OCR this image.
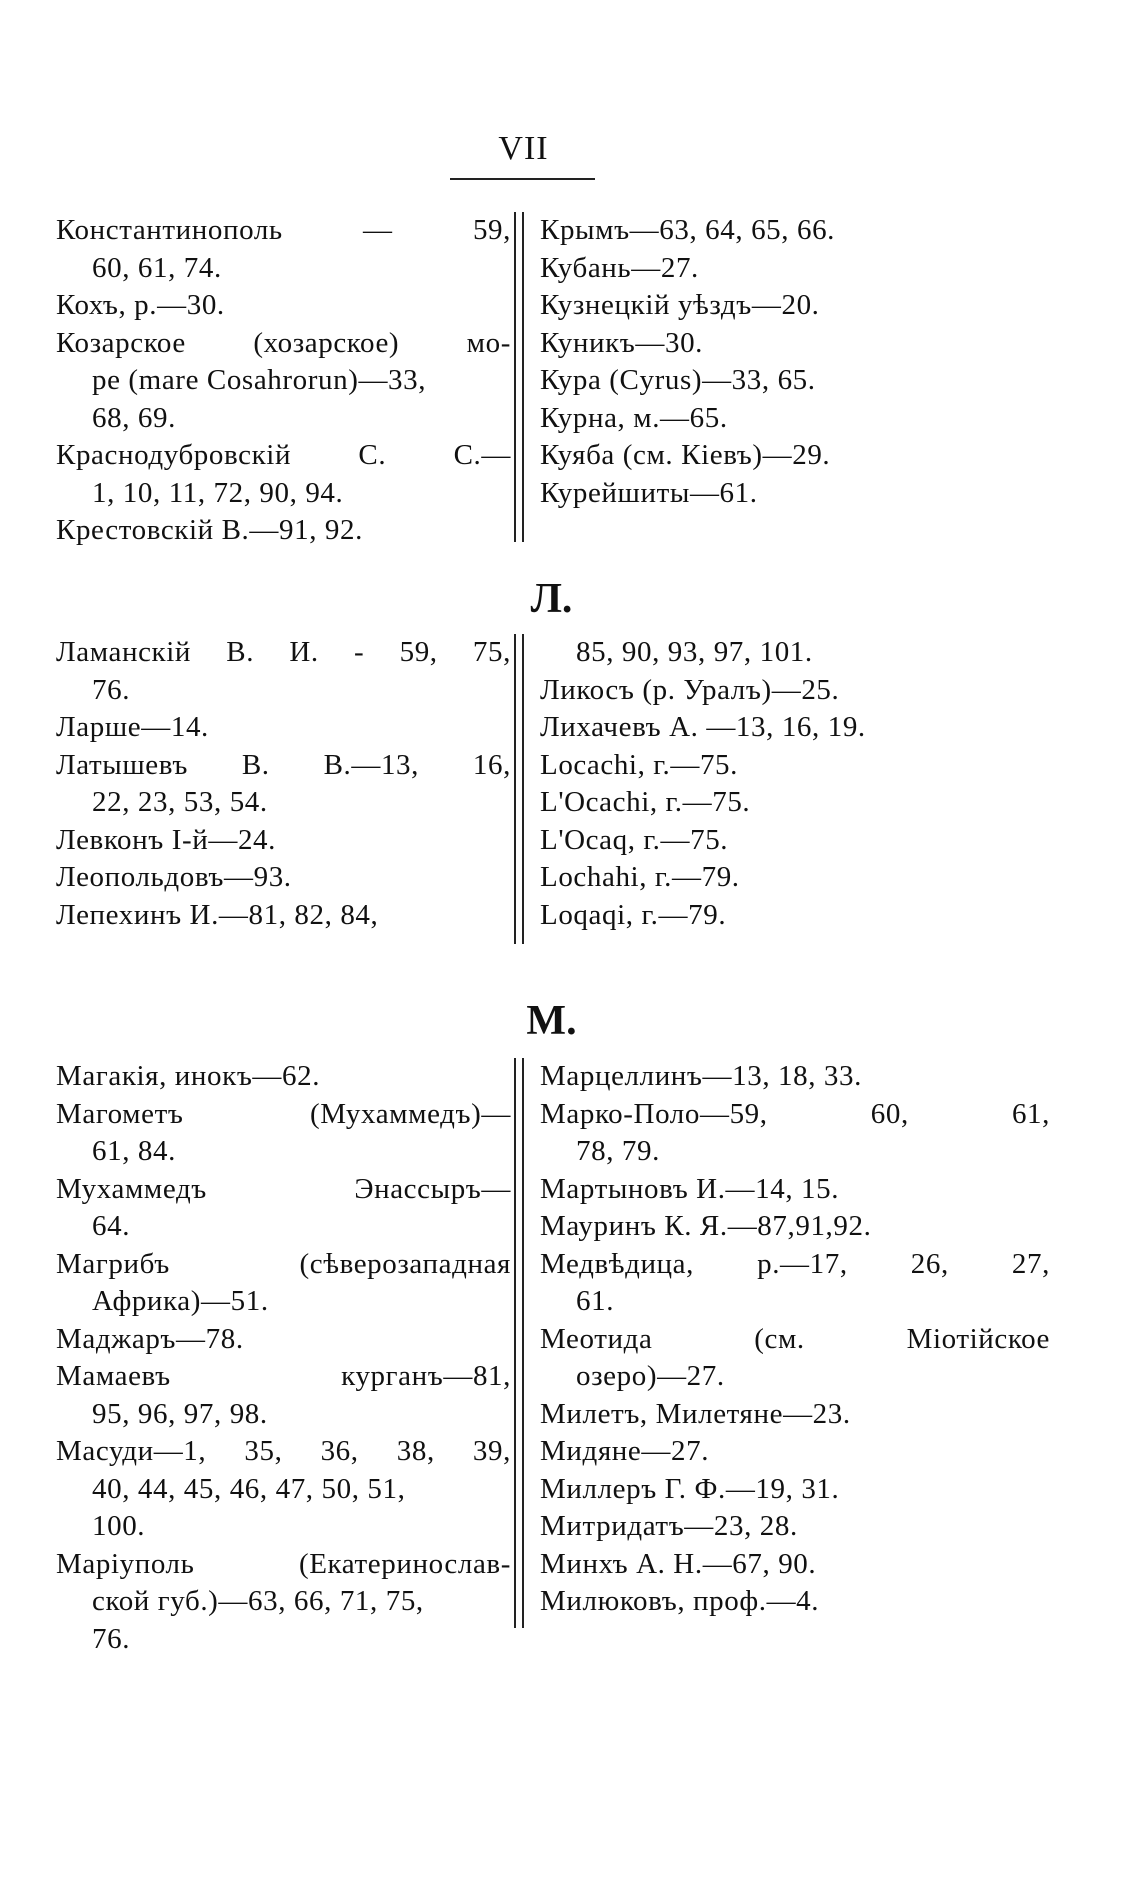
VII
Константинополь — 59,
60, 61, 74.
Кохъ, р.—30.
Козарское (хозарское) мо-
ре (mare Cosahrorun)—33,
68, 69.
Краснодубровскій С. С.—
1, 10, 11, 72, 90, 94.
Крестовскій В.—91, 92.
Крымъ—63, 64, 65, 66.
Кубань—27.
Кузнецкій уѣздъ—20.
Куникъ—30.
Кура (Cyrus)—33, 65.
Курна, м.—65.
Куяба (см. Кіевъ)—29.
Курейшиты—61.
Л.
Ламанскій В. И. - 59, 75,
76.
Ларше—14.
Латышевъ В. В.—13, 16,
22, 23, 53, 54.
Левконъ I-й—24.
Леопольдовъ—93.
Лепехинъ И.—81, 82, 84,
85, 90, 93, 97, 101.
Ликосъ (р. Уралъ)—25.
Лихачевъ А. —13, 16, 19.
Locachi, г.—75.
L'Ocachi, г.—75.
L'Ocaq, г.—75.
Lochahi, г.—79.
Loqaqi, г.—79.
М.
Магакія, инокъ—62.
Магометъ (Мухаммедъ)—
61, 84.
Мухаммедъ Энассыръ—
64.
Магрибъ (сѣверозападная
Африка)—51.
Маджаръ—78.
Мамаевъ курганъ—81,
95, 96, 97, 98.
Масуди—1, 35, 36, 38, 39,
40, 44, 45, 46, 47, 50, 51,
100.
Маріуполь (Екатеринослав-
ской губ.)—63, 66, 71, 75,
76.
Марцеллинъ—13, 18, 33.
Марко-Поло—59, 60, 61,
78, 79.
Мартыновъ И.—14, 15.
Мауринъ К. Я.—87,91,92.
Медвѣдица, р.—17, 26, 27,
61.
Меотида (см. Міотійское
озеро)—27.
Милетъ, Милетяне—23.
Мидяне—27.
Миллеръ Г. Ф.—19, 31.
Митридатъ—23, 28.
Минхъ А. Н.—67, 90.
Милюковъ, проф.—4.
